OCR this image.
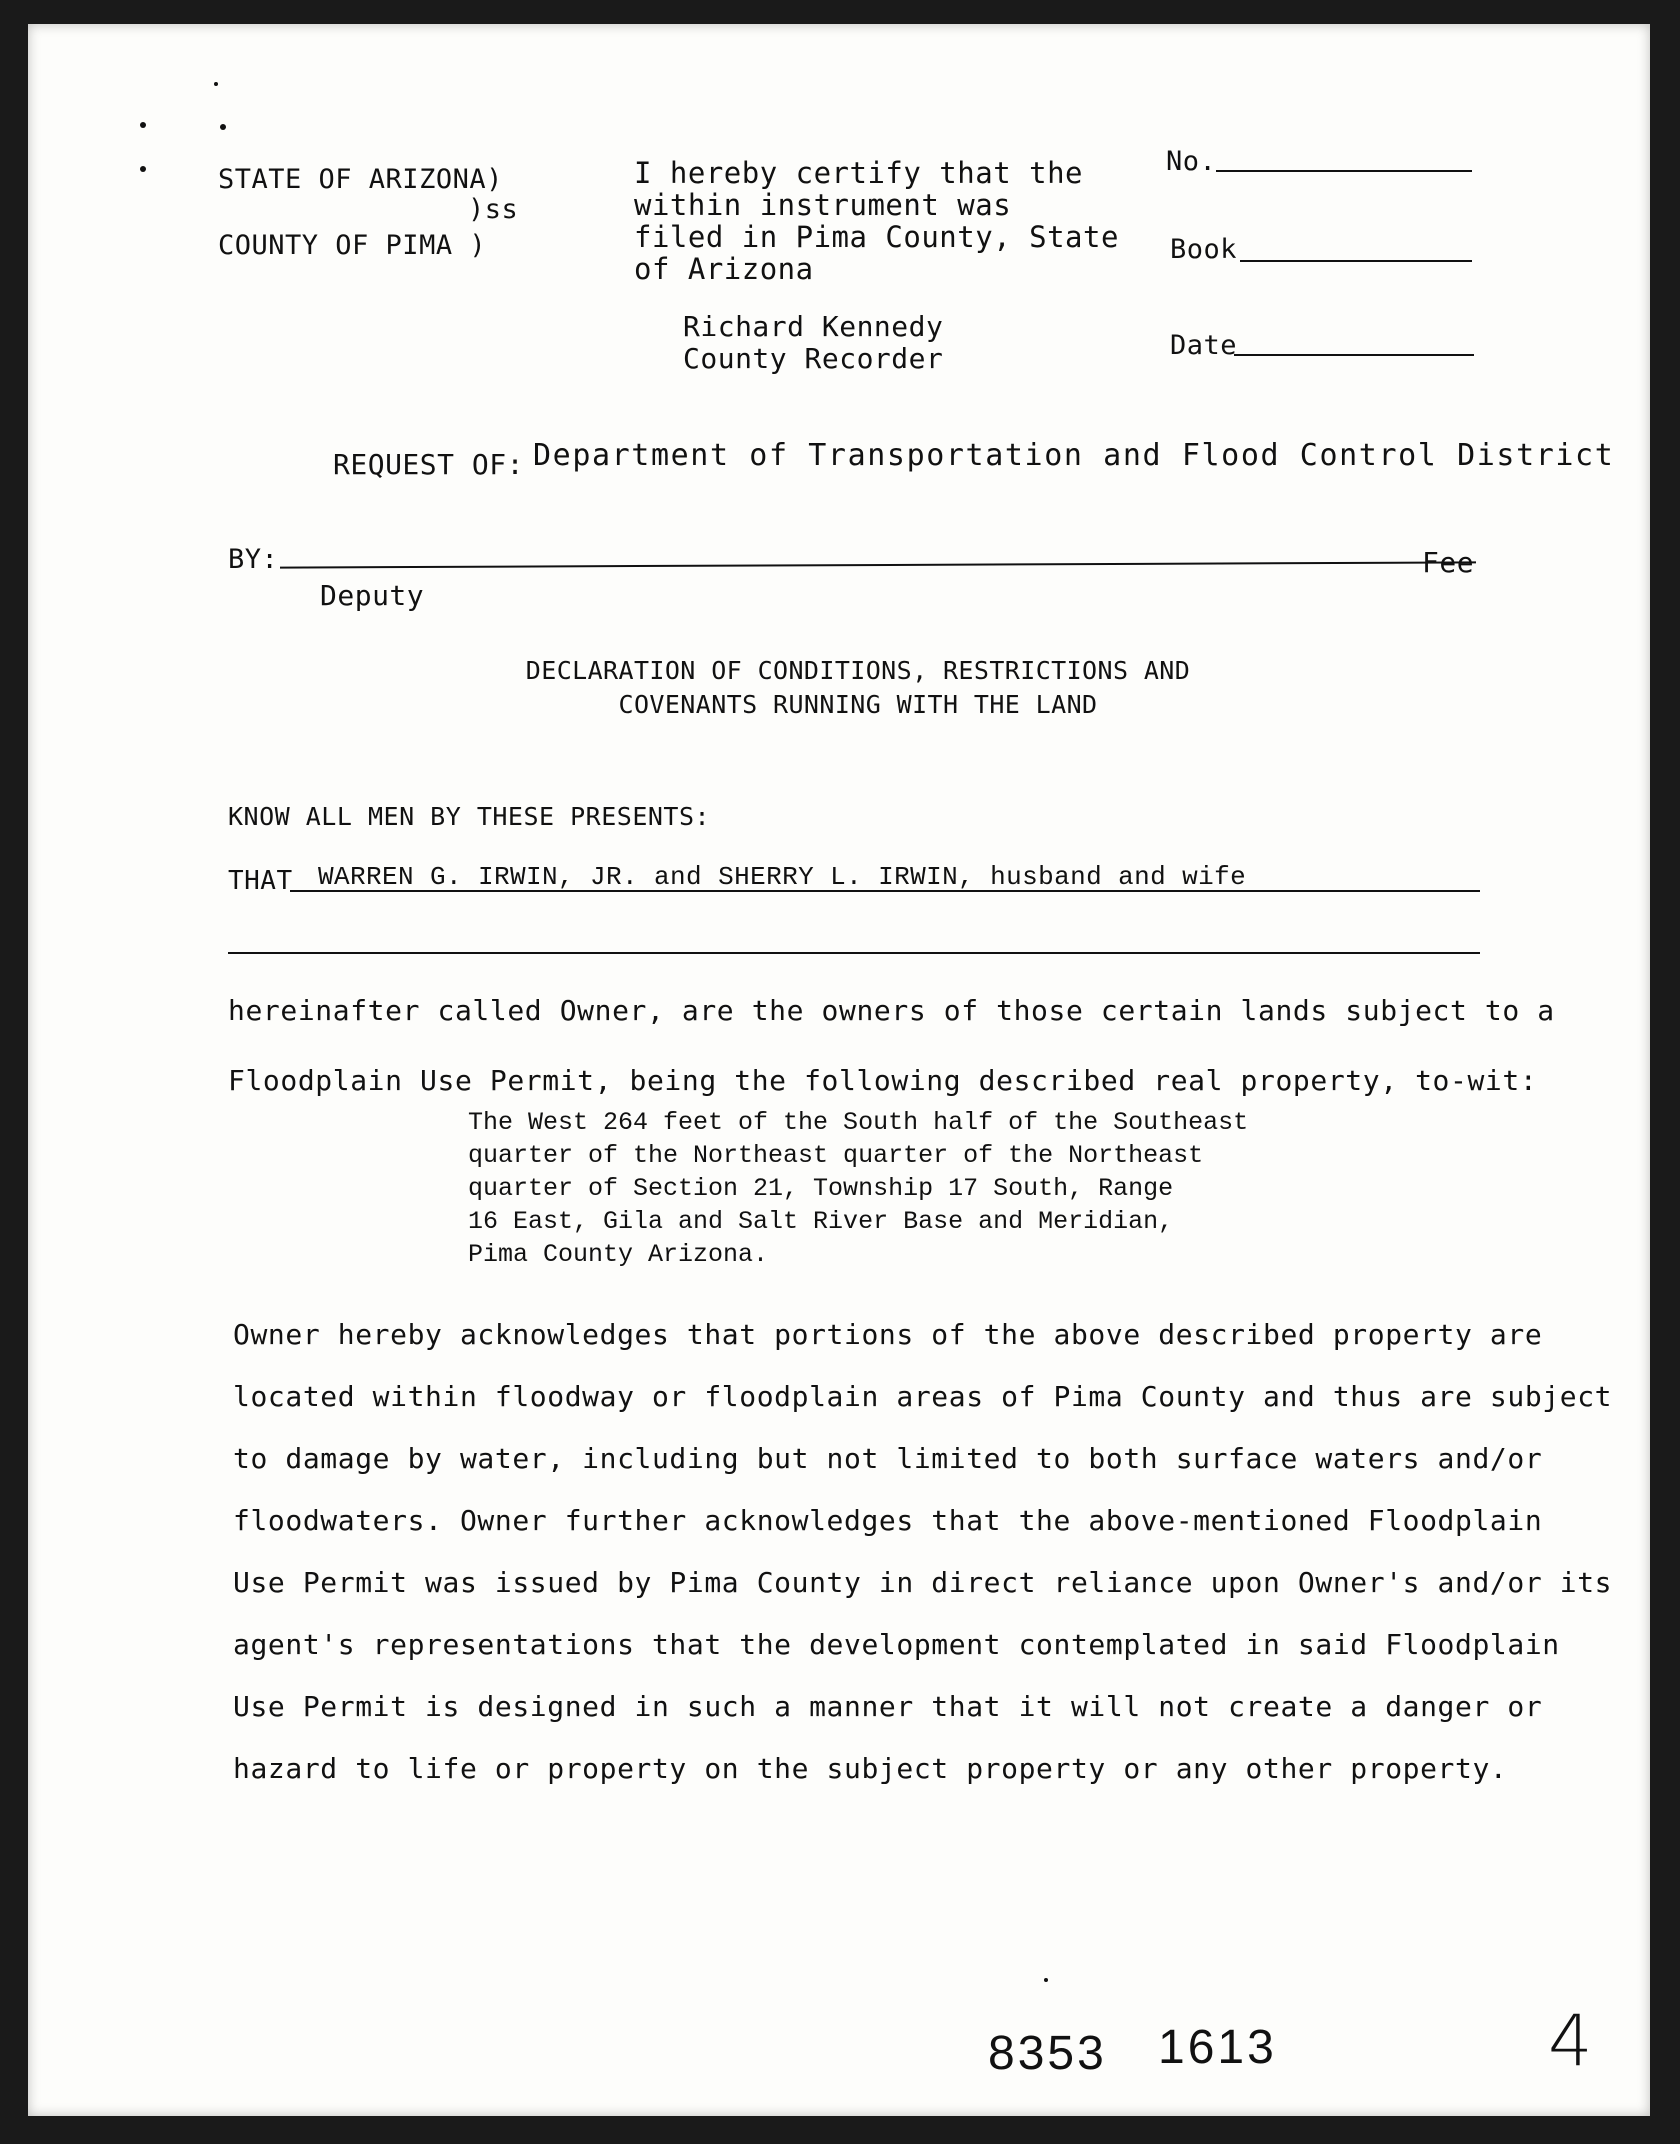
STATE OF ARIZONA)
)ss
COUNTY OF PIMA )
I hereby certify that the
within instrument was
filed in Pima County, State
of Arizona
Richard Kennedy
County Recorder
No.
Book
Date
REQUEST OF: Department of Transportation and Flood Control District
BY:	Fee
Deputy
DECLARATION OF CONDITIONS, RESTRICTIONS AND
COVENANTS RUNNING WITH THE LAND
KNOW ALL MEN BY THESE PRESENTS:
THAT WARREN G. IRWIN, JR. and SHERRY L. IRWIN, husband and wife
hereinafter called Owner, are the owners of those certain lands subject to a
Floodplain Use Permit, being the following described real property, to-wit:
The West 264 feet of the South half of the Southeast
quarter of the Northeast quarter of the Northeast
quarter of Section 21, Township 17 South, Range
16 East, Gila and Salt River Base and Meridian,
Pima County Arizona.
Owner hereby acknowledges that portions of the above described property are
located within floodway or floodplain areas of Pima County and thus are subject
to damage by water, including but not limited to both surface waters and/or
floodwaters. Owner further acknowledges that the above-mentioned Floodplain
Use Permit was issued by Pima County in direct reliance upon Owner's and/or its
agent's representations that the development contemplated in said Floodplain
Use Permit is designed in such a manner that it will not create a danger or
hazard to life or property on the subject property or any other property.
8353 1613	4
